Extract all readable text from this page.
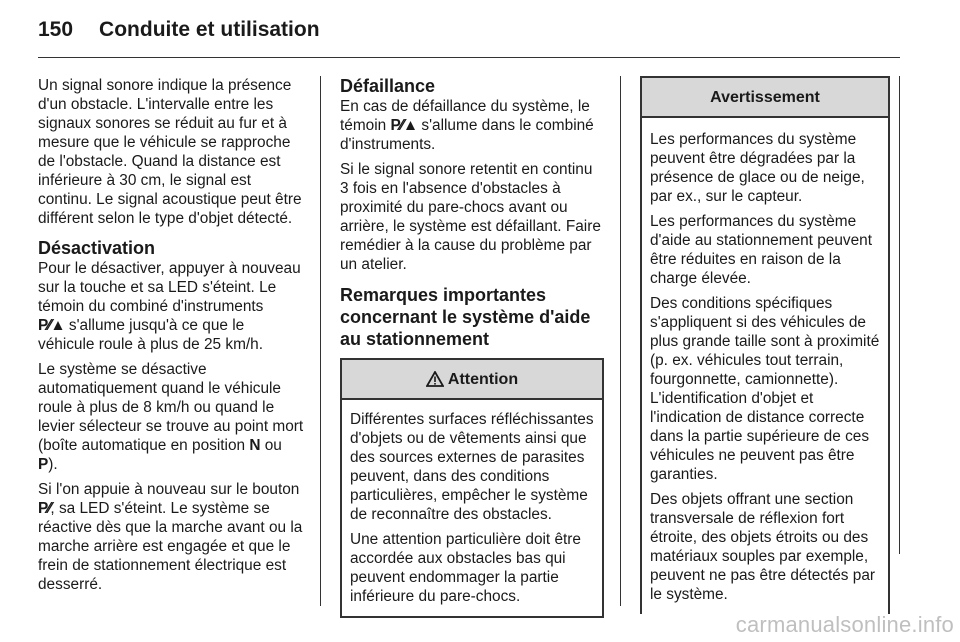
150 Conduite et utilisation

Un signal sonore indique la présence d'un obstacle. L'intervalle entre les signaux sonores se réduit au fur et à mesure que le véhicule se rapproche de l'obstacle. Quand la distance est inférieure à 30 cm, le signal est continu. Le signal acoustique peut être différent selon le type d'objet détecté.

Désactivation

Pour le désactiver, appuyer à nouveau sur la touche et sa LED s'éteint. Le témoin du combiné d'instruments
P⁄⁄▲ s'allume jusqu'à ce que le véhicule roule à plus de 25 km/h.

Le système se désactive automatiquement quand le véhicule roule à plus de 8 km/h ou quand le levier sélecteur se trouve au point mort (boîte automatique en position N ou P).

Si l'on appuie à nouveau sur le bouton P⁄⁄, sa LED s'éteint. Le système se réactive dès que la marche avant ou la marche arrière est engagée et que le frein de stationnement électrique est desserré.

Défaillance

En cas de défaillance du système, le témoin P⁄⁄▲ s'allume dans le combiné d'instruments.

Si le signal sonore retentit en continu 3 fois en l'absence d'obstacles à proximité du pare-chocs avant ou arrière, le système est défaillant. Faire remédier à la cause du problème par un atelier.

Remarques importantes concernant le système d'aide au stationnement
Attention

Différentes surfaces réfléchissantes d'objets ou de vêtements ainsi que des sources externes de parasites peuvent, dans des conditions particulières, empêcher le système de reconnaître des obstacles.

Une attention particulière doit être accordée aux obstacles bas qui peuvent endommager la partie inférieure du pare-chocs.

Avertissement

Les performances du système peuvent être dégradées par la présence de glace ou de neige, par ex., sur le capteur.

Les performances du système d'aide au stationnement peuvent être réduites en raison de la charge élevée.

Des conditions spécifiques s'appliquent si des véhicules de plus grande taille sont à proximité (p. ex. véhicules tout terrain, fourgonnette, camionnette). L'identification d'objet et l'indication de distance correcte dans la partie supérieure de ces véhicules ne peuvent pas être garanties.

Des objets offrant une section transversale de réflexion fort étroite, des objets étroits ou des matériaux souples par exemple, peuvent ne pas être détectés par le système.

carmanualsonline.info
